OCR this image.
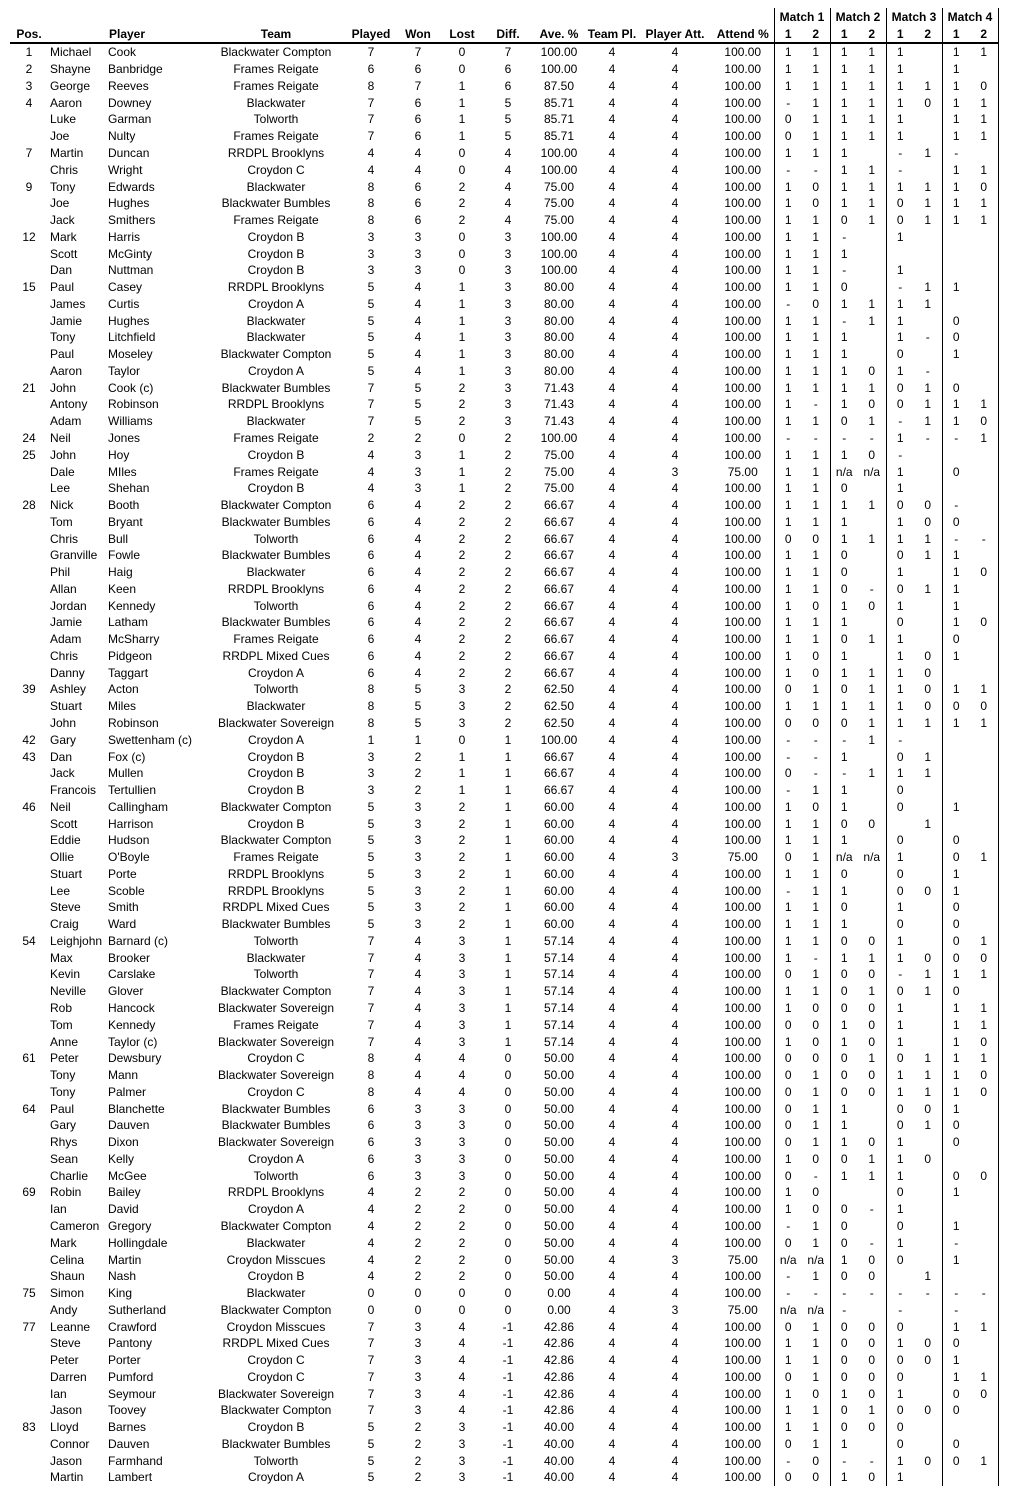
												Match 1		Match 2		Match 3		Match 4	
Pos.	Player		Team	Played	Won	Lost	Diff.	Ave. %	Team Pl.	Player Att.	Attend %	1	2	1	2	1	2	1	2
1	Michael	Cook	Blackwater Compton	7	7	0	7	100.00	4	4	100.00	1	1	1	1	1		1	1
2	Shayne	Banbridge	Frames Reigate	6	6	0	6	100.00	4	4	100.00	1	1	1	1	1		1	
3	George	Reeves	Frames Reigate	8	7	1	6	87.50	4	4	100.00	1	1	1	1	1	1	1	0
4	Aaron	Downey	Blackwater	7	6	1	5	85.71	4	4	100.00	-	1	1	1	1	0	1	1
	Luke	Garman	Tolworth	7	6	1	5	85.71	4	4	100.00	0	1	1	1	1		1	1
	Joe	Nulty	Frames Reigate	7	6	1	5	85.71	4	4	100.00	0	1	1	1	1		1	1
7	Martin	Duncan	RRDPL Brooklyns	4	4	0	4	100.00	4	4	100.00	1	1	1		-	1	-	
	Chris	Wright	Croydon C	4	4	0	4	100.00	4	4	100.00	-	-	1	1	-		1	1
9	Tony	Edwards	Blackwater	8	6	2	4	75.00	4	4	100.00	1	0	1	1	1	1	1	0
	Joe	Hughes	Blackwater Bumbles	8	6	2	4	75.00	4	4	100.00	1	0	1	1	0	1	1	1
	Jack	Smithers	Frames Reigate	8	6	2	4	75.00	4	4	100.00	1	1	0	1	0	1	1	1
12	Mark	Harris	Croydon B	3	3	0	3	100.00	4	4	100.00	1	1	-		1			
	Scott	McGinty	Croydon B	3	3	0	3	100.00	4	4	100.00	1	1	1					
	Dan	Nuttman	Croydon B	3	3	0	3	100.00	4	4	100.00	1	1	-		1			
15	Paul	Casey	RRDPL Brooklyns	5	4	1	3	80.00	4	4	100.00	1	1	0		-	1	1	
	James	Curtis	Croydon A	5	4	1	3	80.00	4	4	100.00	-	0	1	1	1	1		
	Jamie	Hughes	Blackwater	5	4	1	3	80.00	4	4	100.00	1	1	-	1	1		0	
	Tony	Litchfield	Blackwater	5	4	1	3	80.00	4	4	100.00	1	1	1		1	-	0	
	Paul	Moseley	Blackwater Compton	5	4	1	3	80.00	4	4	100.00	1	1	1		0		1	
	Aaron	Taylor	Croydon A	5	4	1	3	80.00	4	4	100.00	1	1	1	0	1	-		
21	John	Cook (c)	Blackwater Bumbles	7	5	2	3	71.43	4	4	100.00	1	1	1	1	0	1	0	
	Antony	Robinson	RRDPL Brooklyns	7	5	2	3	71.43	4	4	100.00	1	-	1	0	0	1	1	1
	Adam	Williams	Blackwater	7	5	2	3	71.43	4	4	100.00	1	1	0	1	-	1	1	0
24	Neil	Jones	Frames Reigate	2	2	0	2	100.00	4	4	100.00	-	-	-	-	1	-	-	1
25	John	Hoy	Croydon B	4	3	1	2	75.00	4	4	100.00	1	1	1	0	-			
	Dale	MIles	Frames Reigate	4	3	1	2	75.00	4	3	75.00	1	1	n/a	n/a	1		0	
	Lee	Shehan	Croydon B	4	3	1	2	75.00	4	4	100.00	1	1	0		1			
28	Nick	Booth	Blackwater Compton	6	4	2	2	66.67	4	4	100.00	1	1	1	1	0	0	-	
	Tom	Bryant	Blackwater Bumbles	6	4	2	2	66.67	4	4	100.00	1	1	1		1	0	0	
	Chris	Bull	Tolworth	6	4	2	2	66.67	4	4	100.00	0	0	1	1	1	1	-	-
	Granville	Fowle	Blackwater Bumbles	6	4	2	2	66.67	4	4	100.00	1	1	0		0	1	1	
	Phil	Haig	Blackwater	6	4	2	2	66.67	4	4	100.00	1	1	0		1		1	0
	Allan	Keen	RRDPL Brooklyns	6	4	2	2	66.67	4	4	100.00	1	1	0	-	0	1	1	
	Jordan	Kennedy	Tolworth	6	4	2	2	66.67	4	4	100.00	1	0	1	0	1		1	
	Jamie	Latham	Blackwater Bumbles	6	4	2	2	66.67	4	4	100.00	1	1	1		0		1	0
	Adam	McSharry	Frames Reigate	6	4	2	2	66.67	4	4	100.00	1	1	0	1	1		0	
	Chris	Pidgeon	RRDPL Mixed Cues	6	4	2	2	66.67	4	4	100.00	1	0	1		1	0	1	
	Danny	Taggart	Croydon A	6	4	2	2	66.67	4	4	100.00	1	0	1	1	1	0		
39	Ashley	Acton	Tolworth	8	5	3	2	62.50	4	4	100.00	0	1	0	1	1	0	1	1
	Stuart	Miles	Blackwater	8	5	3	2	62.50	4	4	100.00	1	1	1	1	1	0	0	0
	John	Robinson	Blackwater Sovereign	8	5	3	2	62.50	4	4	100.00	0	0	0	1	1	1	1	1
42	Gary	Swettenham (c)	Croydon A	1	1	0	1	100.00	4	4	100.00	-	-	-	1	-			
43	Dan	Fox (c)	Croydon B	3	2	1	1	66.67	4	4	100.00	-	-	1		0	1		
	Jack	Mullen	Croydon B	3	2	1	1	66.67	4	4	100.00	0	-	-	1	1	1		
	Francois	Tertullien	Croydon B	3	2	1	1	66.67	4	4	100.00	-	1	1		0			
46	Neil	Callingham	Blackwater Compton	5	3	2	1	60.00	4	4	100.00	1	0	1		0		1	
	Scott	Harrison	Croydon B	5	3	2	1	60.00	4	4	100.00	1	1	0	0		1		
	Eddie	Hudson	Blackwater Compton	5	3	2	1	60.00	4	4	100.00	1	1	1		0		0	
	Ollie	O'Boyle	Frames Reigate	5	3	2	1	60.00	4	3	75.00	0	1	n/a	n/a	1		0	1
	Stuart	Porte	RRDPL Brooklyns	5	3	2	1	60.00	4	4	100.00	1	1	0		0		1	
	Lee	Scoble	RRDPL Brooklyns	5	3	2	1	60.00	4	4	100.00	-	1	1		0	0	1	
	Steve	Smith	RRDPL Mixed Cues	5	3	2	1	60.00	4	4	100.00	1	1	0		1		0	
	Craig	Ward	Blackwater Bumbles	5	3	2	1	60.00	4	4	100.00	1	1	1		0		0	
54	Leighjohn	Barnard (c)	Tolworth	7	4	3	1	57.14	4	4	100.00	1	1	0	0	1		0	1
	Max	Brooker	Blackwater	7	4	3	1	57.14	4	4	100.00	1	-	1	1	1	0	0	0
	Kevin	Carslake	Tolworth	7	4	3	1	57.14	4	4	100.00	0	1	0	0	-	1	1	1
	Neville	Glover	Blackwater Compton	7	4	3	1	57.14	4	4	100.00	1	1	0	1	0	1	0	
	Rob	Hancock	Blackwater Sovereign	7	4	3	1	57.14	4	4	100.00	1	0	0	0	1		1	1
	Tom	Kennedy	Frames Reigate	7	4	3	1	57.14	4	4	100.00	0	0	1	0	1		1	1
	Anne	Taylor (c)	Blackwater Sovereign	7	4	3	1	57.14	4	4	100.00	1	0	1	0	1		1	0
61	Peter	Dewsbury	Croydon C	8	4	4	0	50.00	4	4	100.00	0	0	0	1	0	1	1	1
	Tony	Mann	Blackwater Sovereign	8	4	4	0	50.00	4	4	100.00	0	1	0	0	1	1	1	0
	Tony	Palmer	Croydon C	8	4	4	0	50.00	4	4	100.00	0	1	0	0	1	1	1	0
64	Paul	Blanchette	Blackwater Bumbles	6	3	3	0	50.00	4	4	100.00	0	1	1		0	0	1	
	Gary	Dauven	Blackwater Bumbles	6	3	3	0	50.00	4	4	100.00	0	1	1		0	1	0	
	Rhys	Dixon	Blackwater Sovereign	6	3	3	0	50.00	4	4	100.00	0	1	1	0	1		0	
	Sean	Kelly	Croydon A	6	3	3	0	50.00	4	4	100.00	1	0	0	1	1	0		
	Charlie	McGee	Tolworth	6	3	3	0	50.00	4	4	100.00	0	-	1	1	1		0	0
69	Robin	Bailey	RRDPL Brooklyns	4	2	2	0	50.00	4	4	100.00	1	0			0		1	
	Ian	David	Croydon A	4	2	2	0	50.00	4	4	100.00	1	0	0	-	1			
	Cameron	Gregory	Blackwater Compton	4	2	2	0	50.00	4	4	100.00	-	1	0		0		1	
	Mark	Hollingdale	Blackwater	4	2	2	0	50.00	4	4	100.00	0	1	0	-	1		-	
	Celina	Martin	Croydon Misscues	4	2	2	0	50.00	4	3	75.00	n/a	n/a	1	0	0		1	
	Shaun	Nash	Croydon B	4	2	2	0	50.00	4	4	100.00	-	1	0	0		1		
75	Simon	King	Blackwater	0	0	0	0	0.00	4	4	100.00	-	-	-	-	-	-	-	-
	Andy	Sutherland	Blackwater Compton	0	0	0	0	0.00	4	3	75.00	n/a	n/a	-		-		-	
77	Leanne	Crawford	Croydon Misscues	7	3	4	-1	42.86	4	4	100.00	0	1	0	0	0		1	1
	Steve	Pantony	RRDPL Mixed Cues	7	3	4	-1	42.86	4	4	100.00	1	1	0	0	1	0	0	
	Peter	Porter	Croydon C	7	3	4	-1	42.86	4	4	100.00	1	1	0	0	0	0	1	
	Darren	Pumford	Croydon C	7	3	4	-1	42.86	4	4	100.00	0	1	0	0	0		1	1
	Ian	Seymour	Blackwater Sovereign	7	3	4	-1	42.86	4	4	100.00	1	0	1	0	1		0	0
	Jason	Toovey	Blackwater Compton	7	3	4	-1	42.86	4	4	100.00	1	1	0	1	0	0	0	
83	Lloyd	Barnes	Croydon B	5	2	3	-1	40.00	4	4	100.00	1	1	0	0	0			
	Connor	Dauven	Blackwater Bumbles	5	2	3	-1	40.00	4	4	100.00	0	1	1		0		0	
	Jason	Farmhand	Tolworth	5	2	3	-1	40.00	4	4	100.00	-	0	-	-	1	0	0	1
	Martin	Lambert	Croydon A	5	2	3	-1	40.00	4	4	100.00	0	0	1	0	1			
